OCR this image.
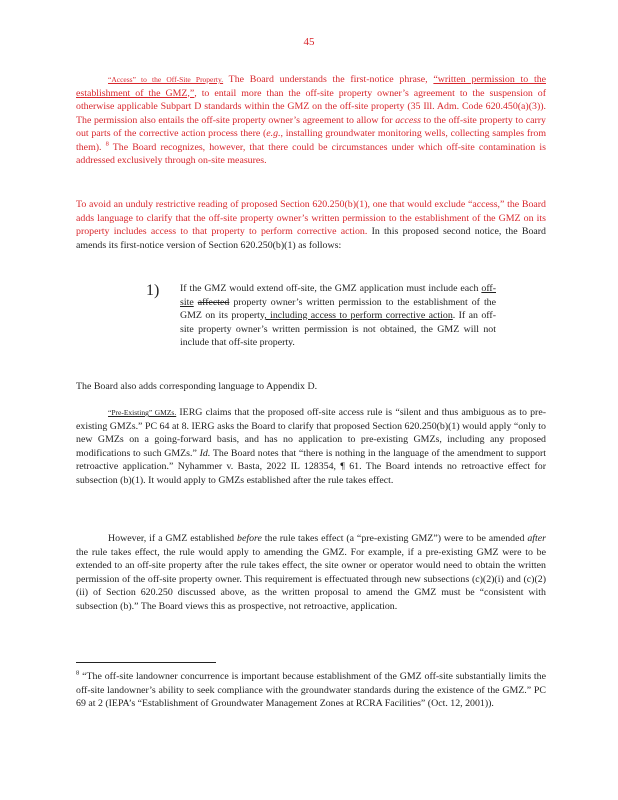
45

“Access” to the Off-Site Property. The Board understands the first-notice phrase, “written permission to the establishment of the GMZ,”, to entail more than the off-site property owner’s agreement to the suspension of otherwise applicable Subpart D standards within the GMZ on the off-site property (35 Ill. Adm. Code 620.450(a)(3)). The permission also entails the off-site property owner’s agreement to allow for access to the off-site property to carry out parts of the corrective action process there (e.g., installing groundwater monitoring wells, collecting samples from them). $^8$ The Board recognizes, however, that there could be circumstances under which off-site contamination is addressed exclusively through on-site measures.

To avoid an unduly restrictive reading of proposed Section 620.250(b)(1), one that would exclude “access,” the Board adds language to clarify that the off-site property owner’s written permission to the establishment of the GMZ on its property includes access to that property to perform corrective action. In this proposed second notice, the Board amends its first-notice version of Section 620.250(b)(1) as follows:

1)	If the GMZ would extend off-site, the GMZ application must include each off-site affected property owner’s written permission to the establishment of the GMZ on its property, including access to perform corrective action. If an off-site property owner’s written permission is not obtained, the GMZ will not include that off-site property.

The Board also adds corresponding language to Appendix D.

“Pre-Existing” GMZs. IERG claims that the proposed off-site access rule is “silent and thus ambiguous as to pre-existing GMZs.” PC 64 at 8. IERG asks the Board to clarify that proposed Section 620.250(b)(1) would apply “only to new GMZs on a going-forward basis, and has no application to pre-existing GMZs, including any proposed modifications to such GMZs.” Id. The Board notes that “there is nothing in the language of the amendment to support retroactive application.” Nyhammer v. Basta, 2022 IL 128354, ¶ 61. The Board intends no retroactive effect for subsection (b)(1). It would apply to GMZs established after the rule takes effect.

However, if a GMZ established before the rule takes effect (a “pre-existing GMZ”) were to be amended after the rule takes effect, the rule would apply to amending the GMZ. For example, if a pre-existing GMZ were to be extended to an off-site property after the rule takes effect, the site owner or operator would need to obtain the written permission of the off-site property owner. This requirement is effectuated through new subsections (c)(2)(i) and (c)(2)(ii) of Section 620.250 discussed above, as the written proposal to amend the GMZ must be “consistent with subsection (b).” The Board views this as prospective, not retroactive, application.

$^8$ “The off-site landowner concurrence is important because establishment of the GMZ off-site substantially limits the off-site landowner’s ability to seek compliance with the groundwater standards during the existence of the GMZ.” PC 69 at 2 (IEPA’s “Establishment of Groundwater Management Zones at RCRA Facilities” (Oct. 12, 2001)).
